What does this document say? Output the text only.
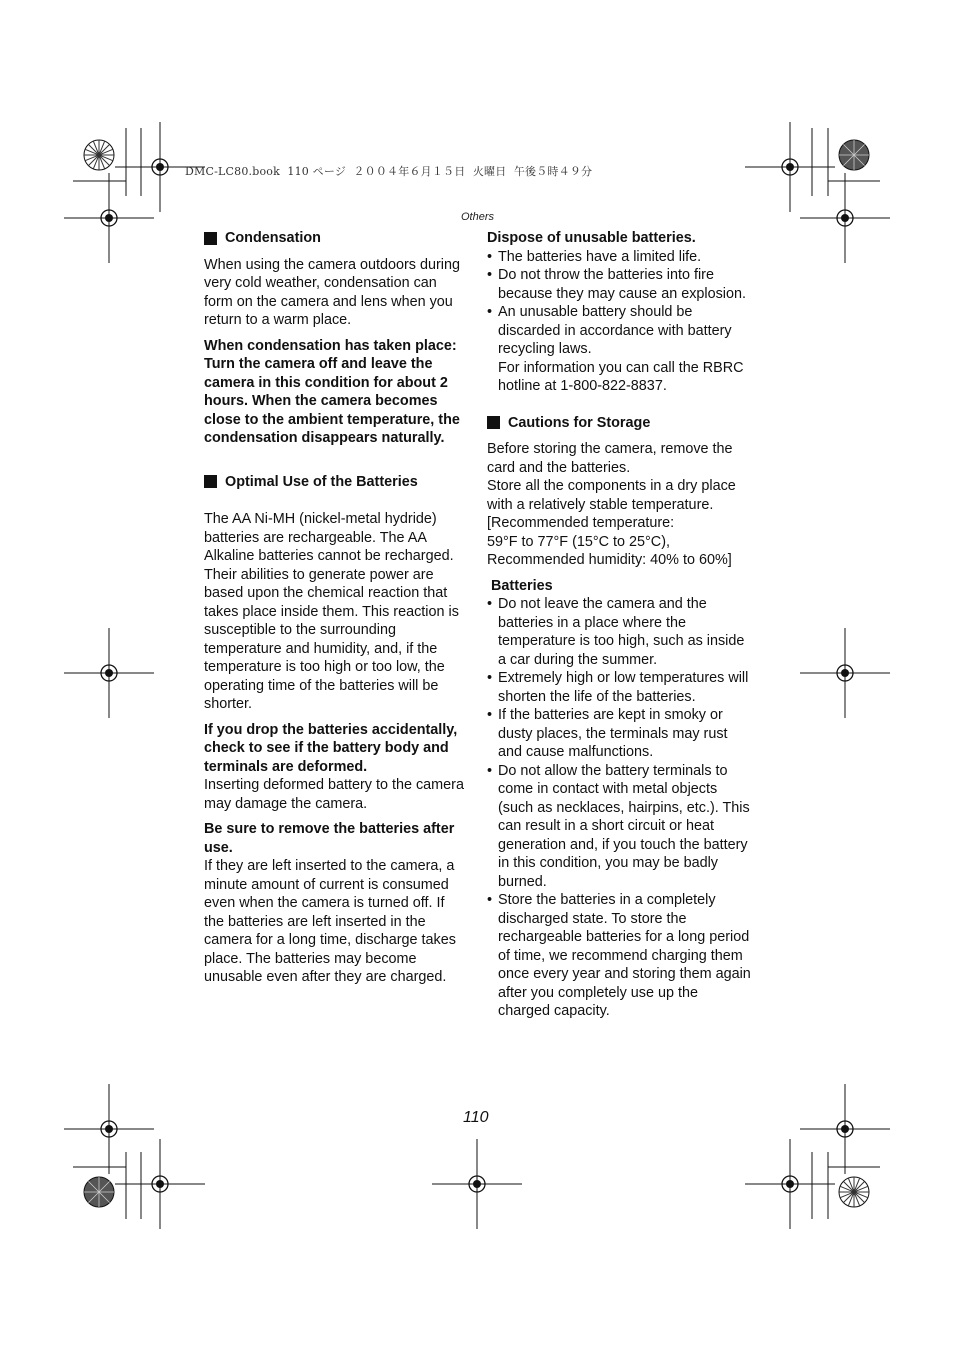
DMC-LC80.book  110 ページ  ２００４年６月１５日  火曜日  午後５時４９分
Others
Condensation

When using the camera outdoors during very cold weather, condensation can form on the camera and lens when you return to a warm place.

When condensation has taken place: Turn the camera off and leave the camera in this condition for about 2 hours. When the camera becomes close to the ambient temperature, the condensation disappears naturally.

Optimal Use of the Batteries

The AA Ni-MH (nickel-metal hydride) batteries are rechargeable. The AA Alkaline batteries cannot be recharged.

Their abilities to generate power are based upon the chemical reaction that takes place inside them. This reaction is susceptible to the surrounding temperature and humidity, and, if the temperature is too high or too low, the operating time of the batteries will be shorter.

If you drop the batteries accidentally, check to see if the battery body and terminals are deformed.

Inserting deformed battery to the camera may damage the camera.

Be sure to remove the batteries after use.

If they are left inserted to the camera, a minute amount of current is consumed even when the camera is turned off. If the batteries are left inserted in the camera for a long time, discharge takes place. The batteries may become unusable even after they are charged.

Dispose of unusable batteries.

• The batteries have a limited life.
• Do not throw the batteries into fire because they may cause an explosion.
• An unusable battery should be discarded in accordance with battery recycling laws.

For information you can call the RBRC hotline at 1-800-822-8837.

Cautions for Storage

Before storing the camera, remove the card and the batteries.

Store all the components in a dry place with a relatively stable temperature.

[Recommended temperature:

59°F to 77°F (15°C to 25°C),

Recommended humidity: 40% to 60%]

Batteries

• Do not leave the camera and the batteries in a place where the temperature is too high, such as inside a car during the summer.
• Extremely high or low temperatures will shorten the life of the batteries.
• If the batteries are kept in smoky or dusty places, the terminals may rust and cause malfunctions.
• Do not allow the battery terminals to come in contact with metal objects (such as necklaces, hairpins, etc.). This can result in a short circuit or heat generation and, if you touch the battery in this condition, you may be badly burned.
• Store the batteries in a completely discharged state. To store the rechargeable batteries for a long period of time, we recommend charging them once every year and storing them again after you completely use up the charged capacity.
110
